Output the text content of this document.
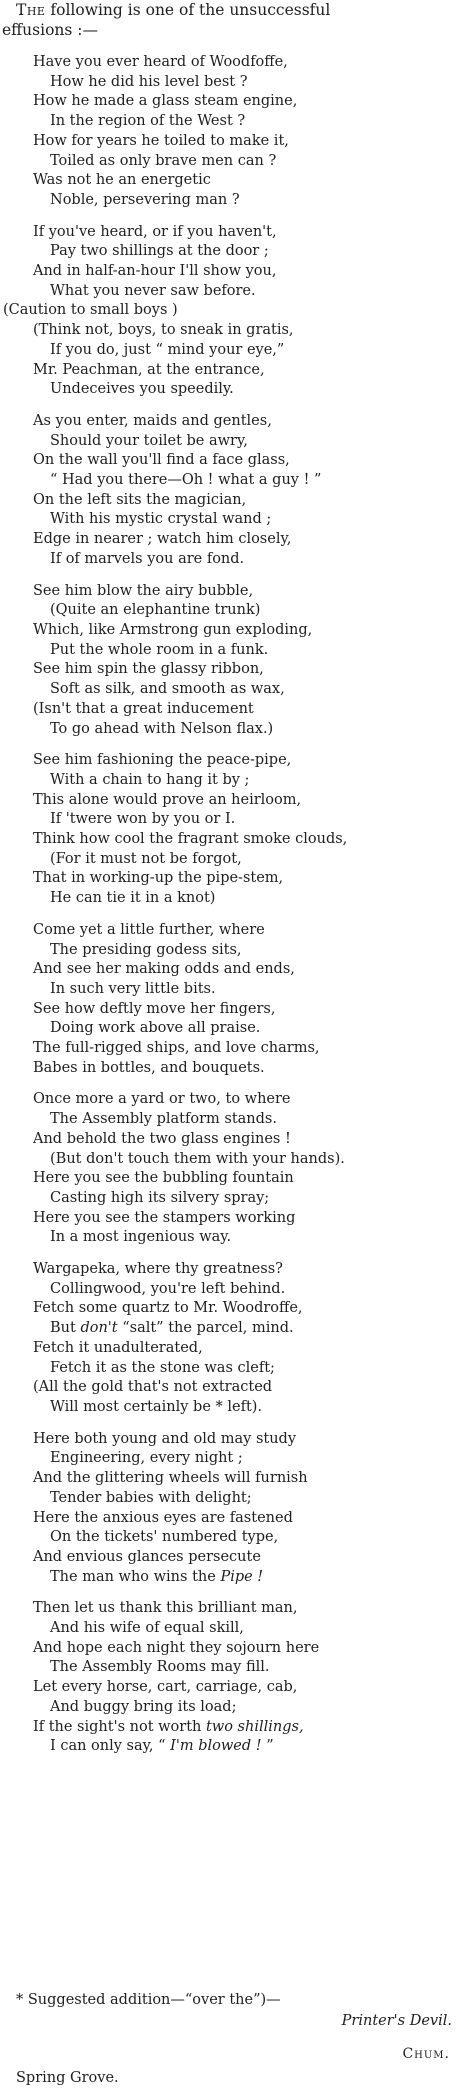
The following is one of the unsuccessful
effusions :—
Have you ever heard of Woodfoffe,
How he did his level best ?
How he made a glass steam engine,
In the region of the West ?
How for years he toiled to make it,
Toiled as only brave men can ?
Was not he an energetic
Noble, persevering man ?
If you've heard, or if you haven't,
Pay two shillings at the door ;
And in half-an-hour I'll show you,
What you never saw before.
(Caution to small boys )
(Think not, boys, to sneak in gratis,
If you do, just “ mind your eye,”
Mr. Peachman, at the entrance,
Undeceives you speedily.
As you enter, maids and gentles,
Should your toilet be awry,
On the wall you'll find a face glass,
“ Had you there—Oh ! what a guy ! ”
On the left sits the magician,
With his mystic crystal wand ;
Edge in nearer ; watch him closely,
If of marvels you are fond.
See him blow the airy bubble,
(Quite an elephantine trunk)
Which, like Armstrong gun exploding,
Put the whole room in a funk.
See him spin the glassy ribbon,
Soft as silk, and smooth as wax,
(Isn't that a great inducement
To go ahead with Nelson flax.)
See him fashioning the peace-pipe,
With a chain to hang it by ;
This alone would prove an heirloom,
If 'twere won by you or I.
Think how cool the fragrant smoke clouds,
(For it must not be forgot,
That in working-up the pipe-stem,
He can tie it in a knot)
Come yet a little further, where
The presiding godess sits,
And see her making odds and ends,
In such very little bits.
See how deftly move her fingers,
Doing work above all praise.
The full-rigged ships, and love charms,
Babes in bottles, and bouquets.
Once more a yard or two, to where
The Assembly platform stands.
And behold the two glass engines !
(But don't touch them with your hands).
Here you see the bubbling fountain
Casting high its silvery spray;
Here you see the stampers working
In a most ingenious way.
Wargapeka, where thy greatness?
Collingwood, you're left behind.
Fetch some quartz to Mr. Woodroffe,
But don't “salt” the parcel, mind.
Fetch it unadulterated,
Fetch it as the stone was cleft;
(All the gold that's not extracted
Will most certainly be * left).
Here both young and old may study
Engineering, every night ;
And the glittering wheels will furnish
Tender babies with delight;
Here the anxious eyes are fastened
On the tickets' numbered type,
And envious glances persecute
The man who wins the Pipe !
Then let us thank this brilliant man,
And his wife of equal skill,
And hope each night they sojourn here
The Assembly Rooms may fill.
Let every horse, cart, carriage, cab,
And buggy bring its load;
If the sight's not worth two shillings,
I can only say, “ I'm blowed ! ”
* Suggested addition—“over the”)—
Printer's Devil.
Chum.
Spring Grove.
